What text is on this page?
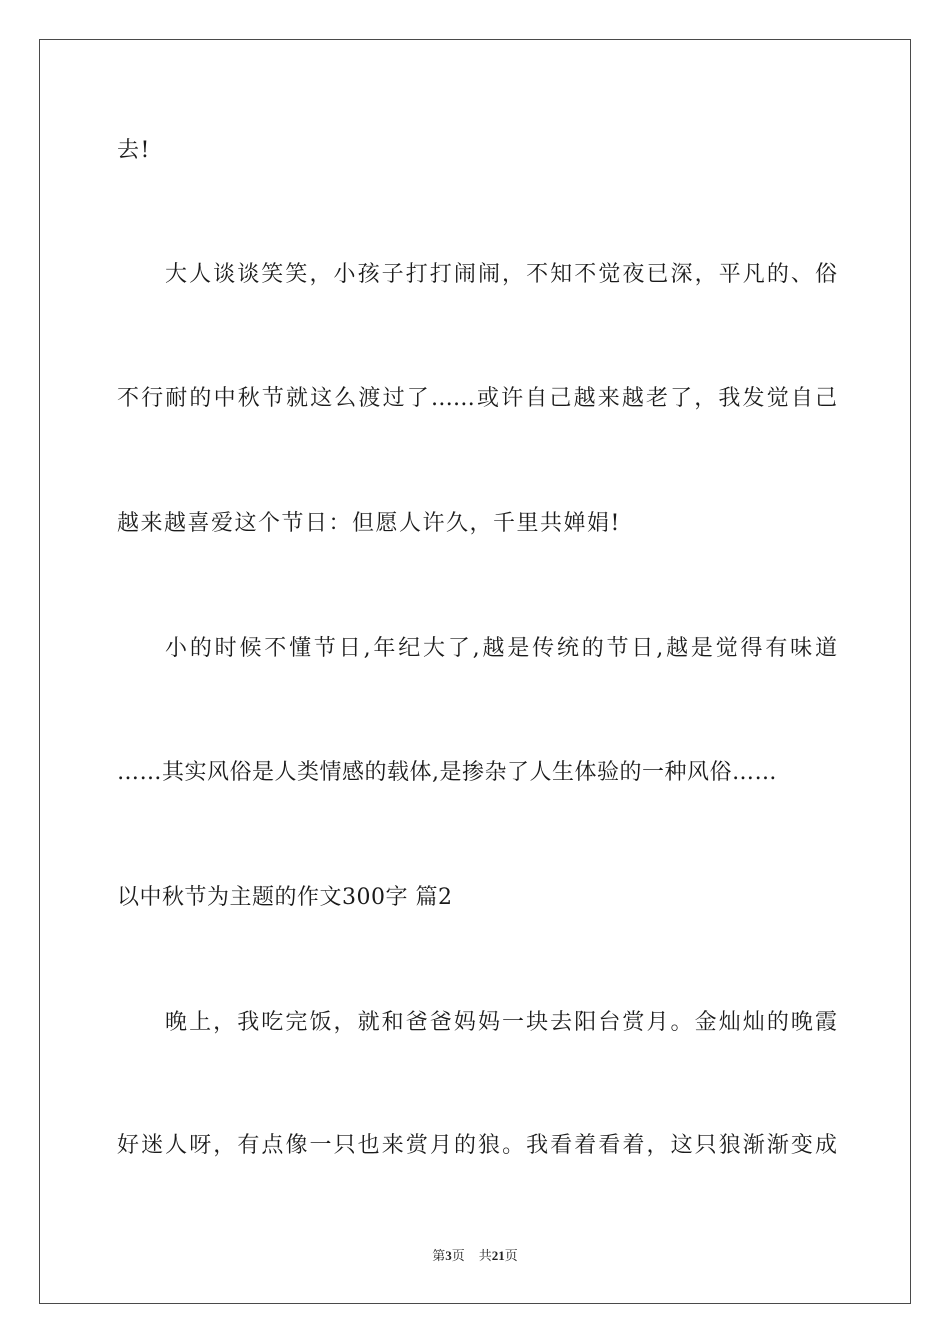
去!
大人谈谈笑笑，小孩子打打闹闹，不知不觉夜已深，平凡的、俗
不行耐的中秋节就这么渡过了……或许自己越来越老了，我发觉自己
越来越喜爱这个节日：但愿人许久，千里共婵娟!
小的时候不懂节日,年纪大了,越是传统的节日,越是觉得有味道
……其实风俗是人类情感的载体,是掺杂了人生体验的一种风俗……
以中秋节为主题的作文300字 篇2
晚上，我吃完饭，就和爸爸妈妈一块去阳台赏月。金灿灿的晚霞
好迷人呀，有点像一只也来赏月的狼。我看着看着，这只狼渐渐变成
第3页 共21页
